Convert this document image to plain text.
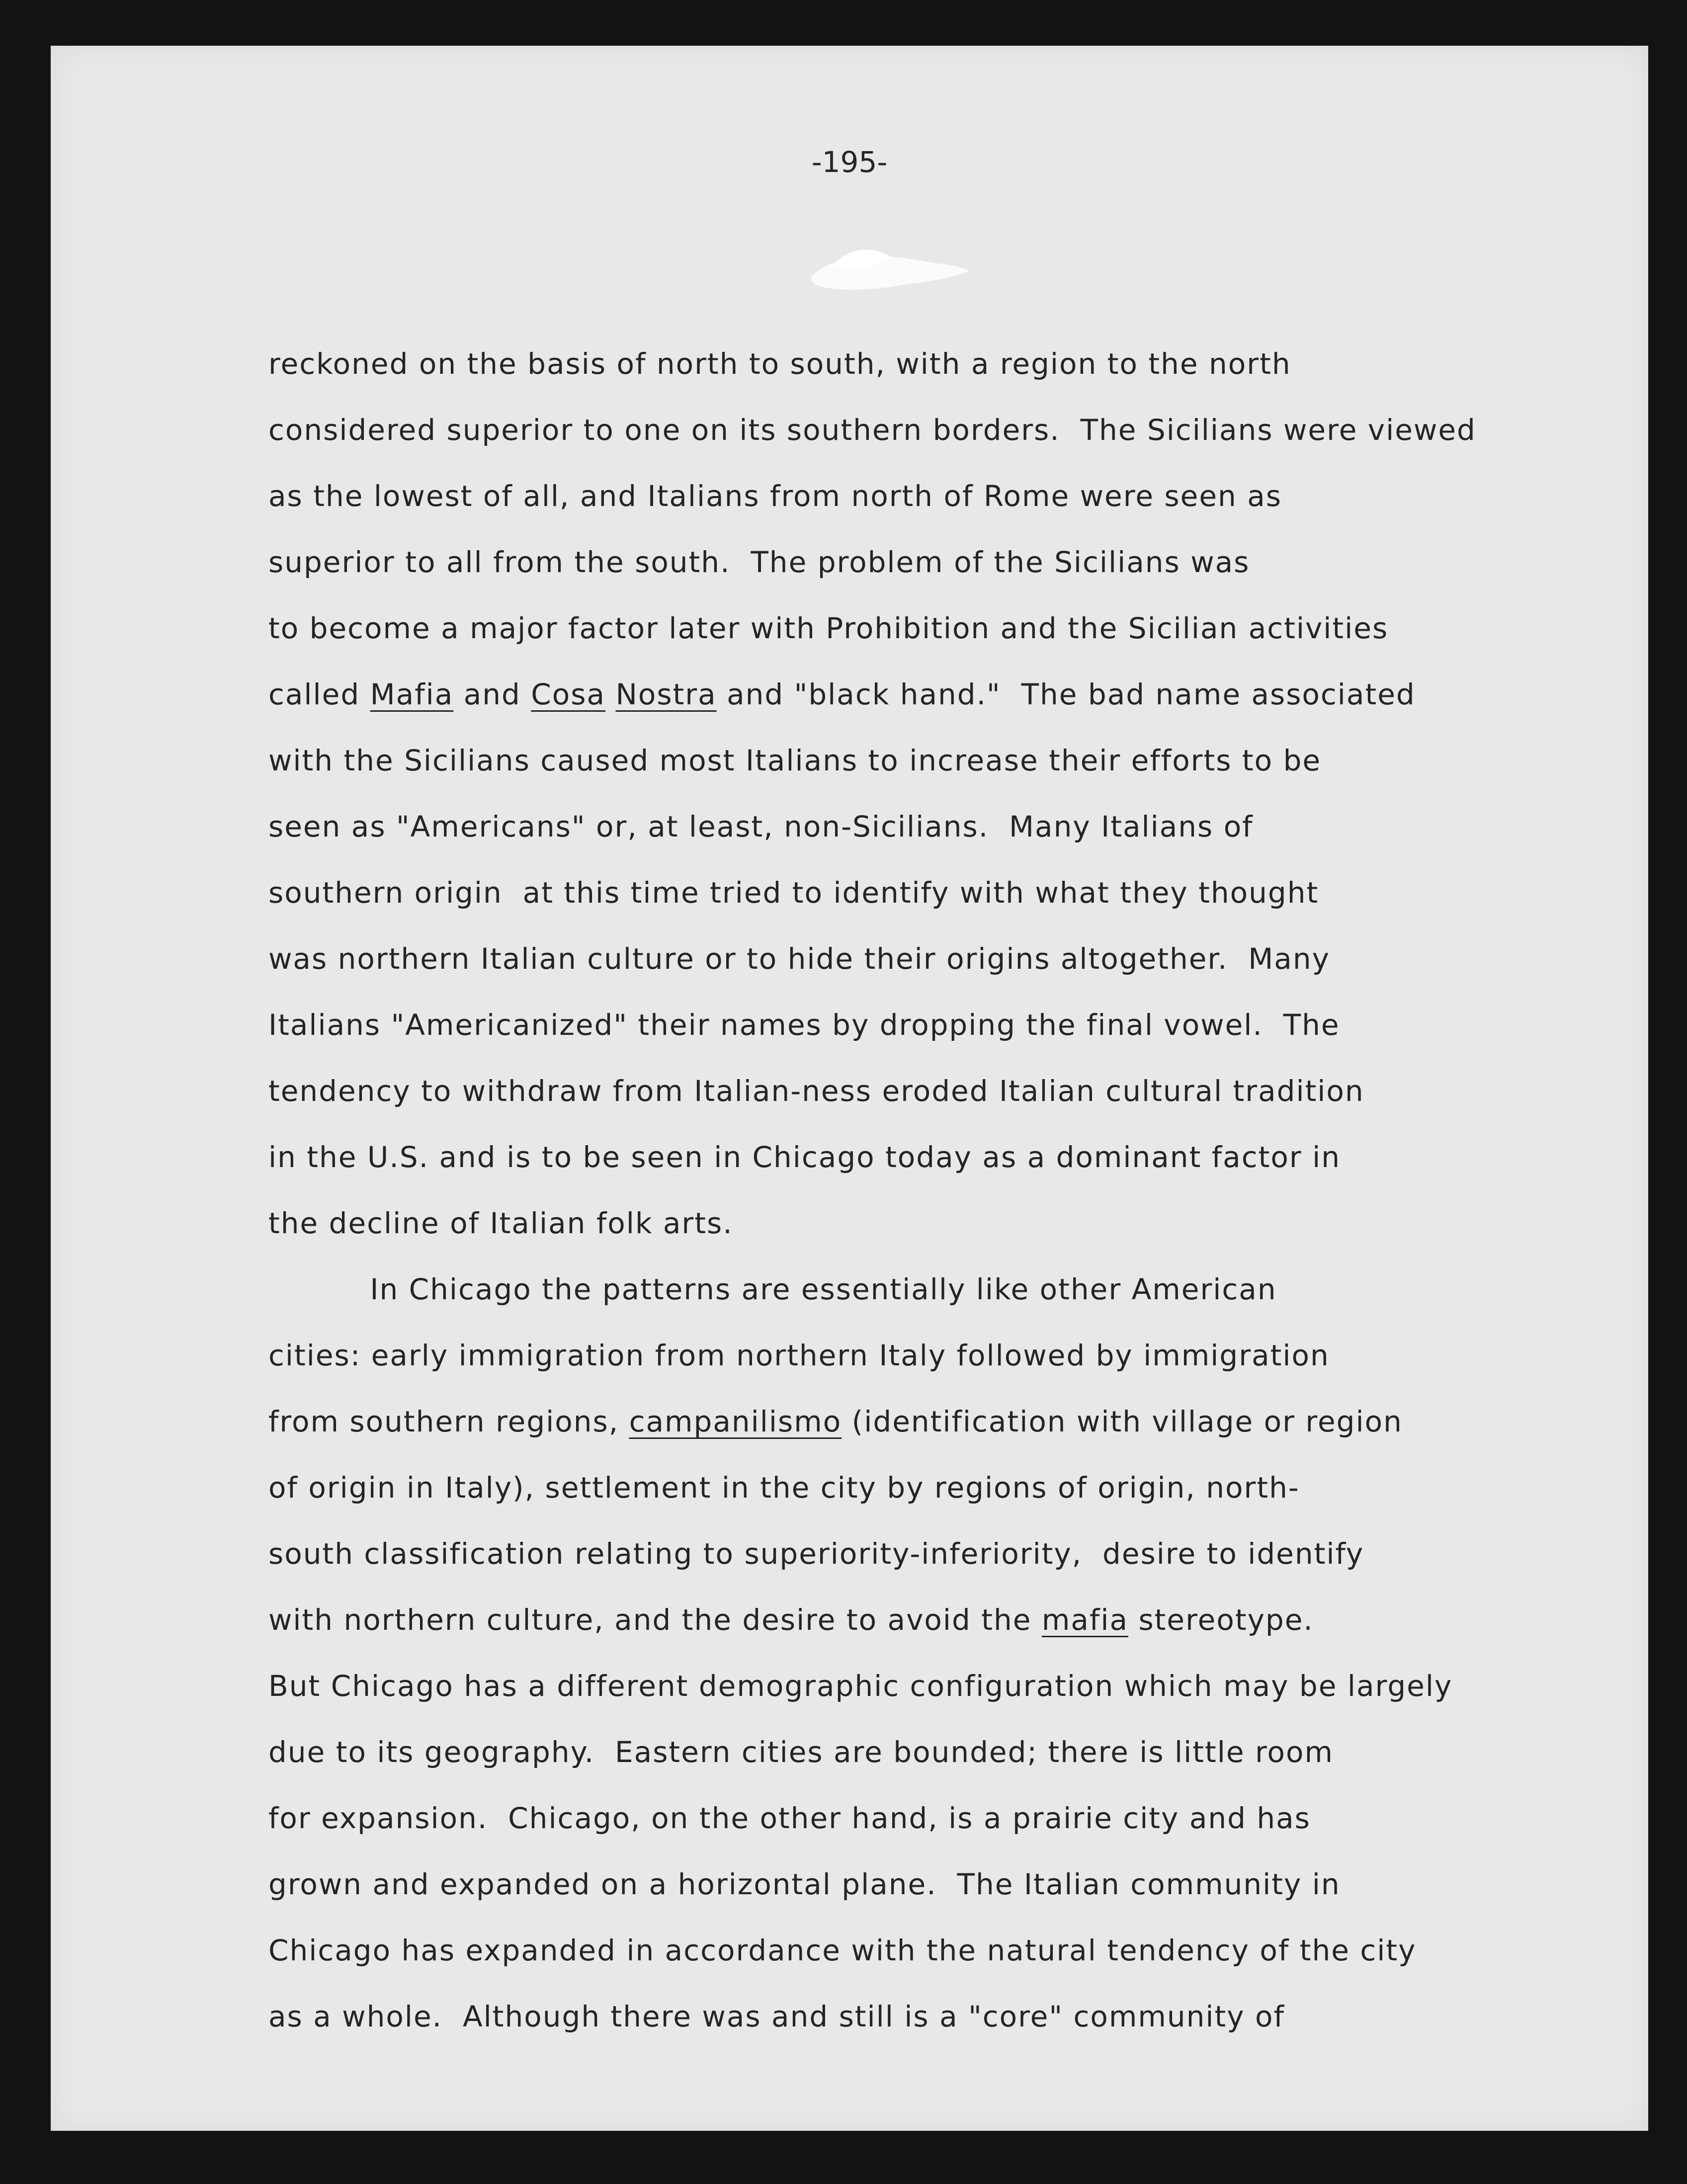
-195-
reckoned on the basis of north to south, with a region to the north
considered superior to one on its southern borders.  The Sicilians were viewed
as the lowest of all, and Italians from north of Rome were seen as
superior to all from the south.  The problem of the Sicilians was
to become a major factor later with Prohibition and the Sicilian activities
called Mafia and Cosa Nostra and "black hand."  The bad name associated
with the Sicilians caused most Italians to increase their efforts to be
seen as "Americans" or, at least, non-Sicilians.  Many Italians of
southern origin  at this time tried to identify with what they thought
was northern Italian culture or to hide their origins altogether.  Many
Italians "Americanized" their names by dropping the final vowel.  The
tendency to withdraw from Italian-ness eroded Italian cultural tradition
in the U.S. and is to be seen in Chicago today as a dominant factor in
the decline of Italian folk arts.
In Chicago the patterns are essentially like other American
cities: early immigration from northern Italy followed by immigration
from southern regions, campanilismo (identification with village or region
of origin in Italy), settlement in the city by regions of origin, north-
south classification relating to superiority-inferiority,  desire to identify
with northern culture, and the desire to avoid the mafia stereotype.
But Chicago has a different demographic configuration which may be largely
due to its geography.  Eastern cities are bounded; there is little room
for expansion.  Chicago, on the other hand, is a prairie city and has
grown and expanded on a horizontal plane.  The Italian community in
Chicago has expanded in accordance with the natural tendency of the city
as a whole.  Although there was and still is a "core" community of
